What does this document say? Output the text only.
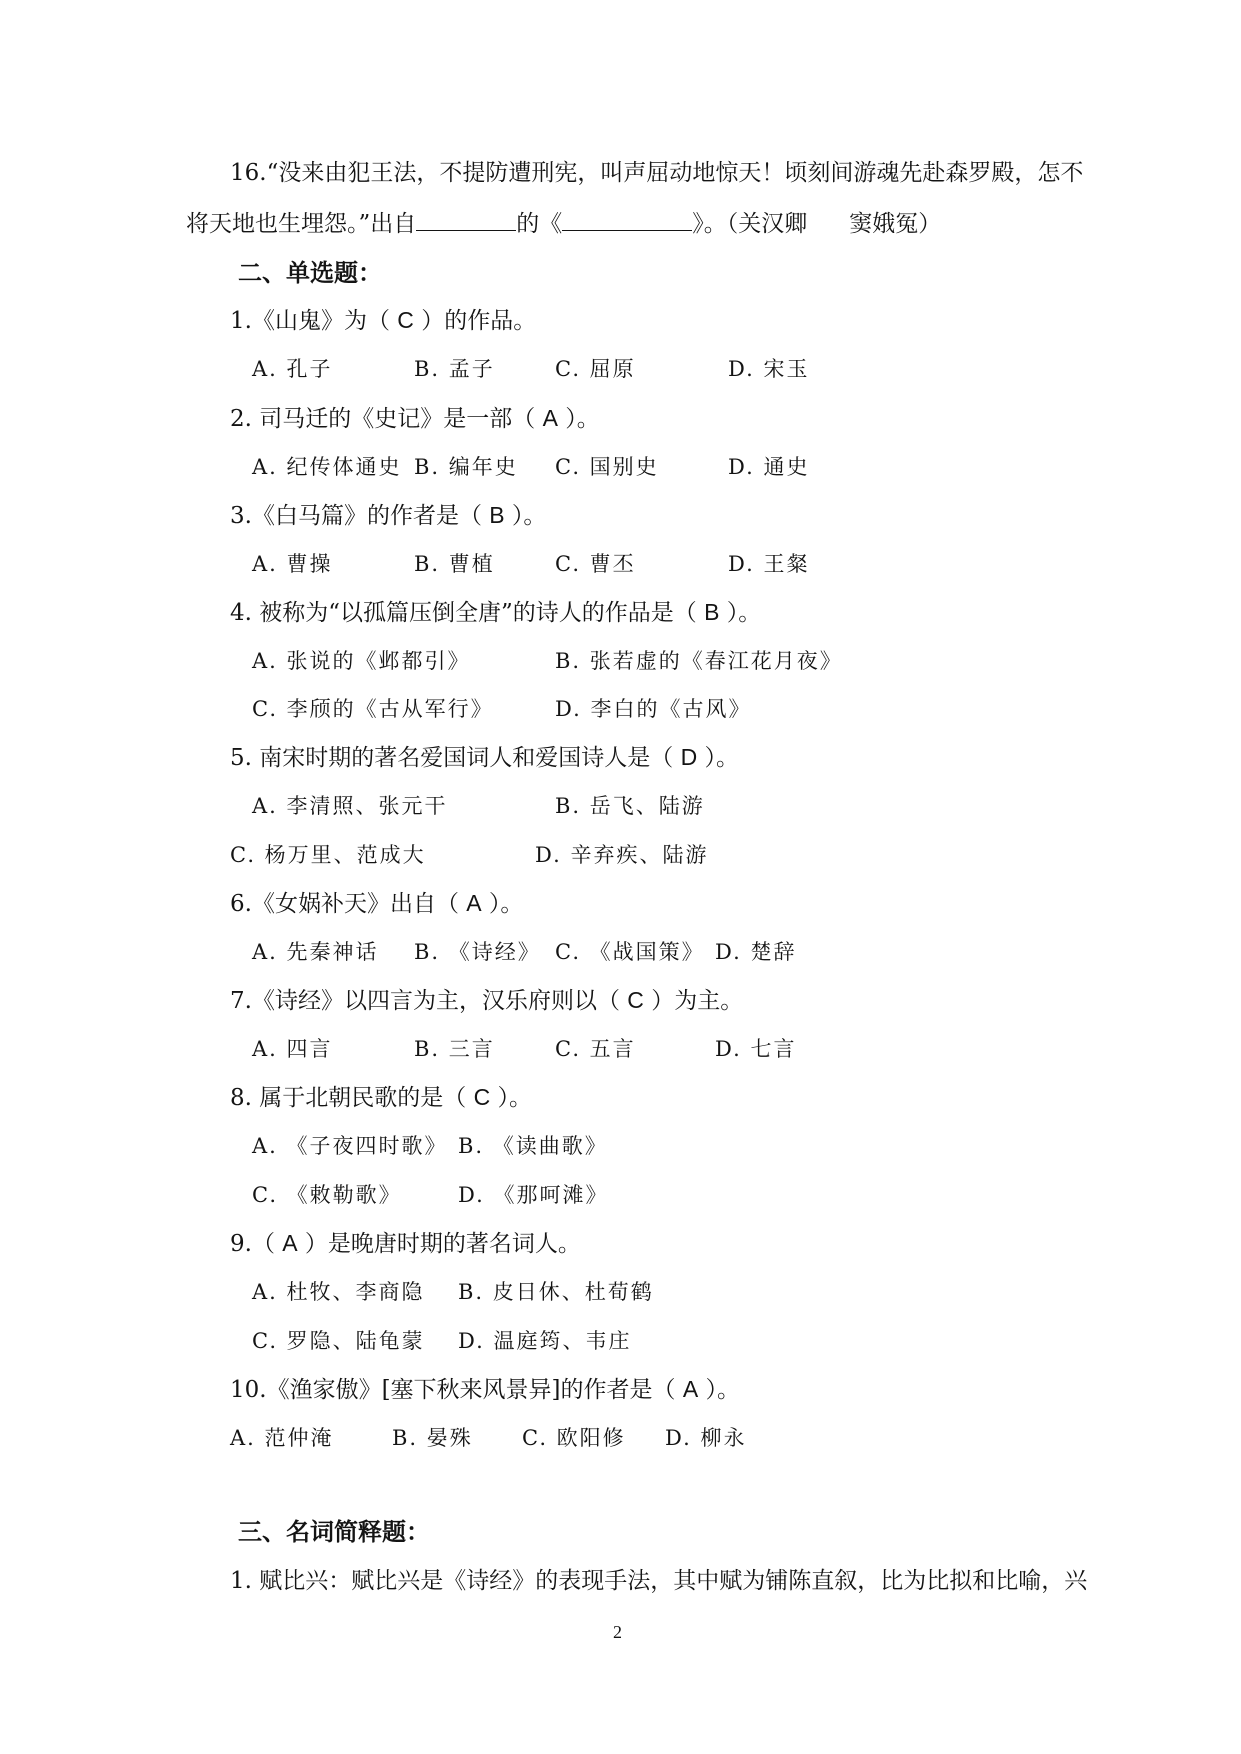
16.“没来由犯王法，不提防遭刑宪，叫声屈动地惊天！顷刻间游魂先赴森罗殿，怎不
将天地也生埋怨。”出自	的《	》。（关汉卿 窦娥冤）
二、单选题：
1.《山鬼》为（ C ）的作品。
A. 孔子	B. 孟子	C. 屈原	D. 宋玉
2. 司马迁的《史记》是一部（ A ）。
A. 纪传体通史 B. 编年史 C. 国别史	D. 通史
3.《白马篇》的作者是（ B ）。
A. 曹操	B. 曹植	C. 曹丕	D. 王粲
4. 被称为“以孤篇压倒全唐”的诗人的作品是（ B ）。
A. 张说的《邺都引》	B. 张若虚的《春江花月夜》
C. 李颀的《古从军行》	D. 李白的《古风》
5. 南宋时期的著名爱国词人和爱国诗人是（ D ）。
A. 李清照、张元干	B. 岳飞、陆游
C. 杨万里、范成大	D. 辛弃疾、陆游
6.《女娲补天》出自（ A ）。
A. 先秦神话 B. 《诗经》 C. 《战国策》 D. 楚辞
7.《诗经》以四言为主，汉乐府则以（ C ）为主。
A. 四言	B. 三言	C. 五言	D. 七言
8. 属于北朝民歌的是（ C ）。
A. 《子夜四时歌》 B. 《读曲歌》
C. 《敕勒歌》	D. 《那呵滩》
9.（ A ）是晚唐时期的著名词人。
A. 杜牧、李商隐 B. 皮日休、杜荀鹤
C. 罗隐、陆龟蒙 D. 温庭筠、韦庄
10.《渔家傲》[塞下秋来风景异]的作者是（ A ）。
A. 范仲淹	B. 晏殊 C. 欧阳修 D. 柳永
三、名词简释题：
1. 赋比兴：赋比兴是《诗经》的表现手法，其中赋为铺陈直叙，比为比拟和比喻，兴
2
